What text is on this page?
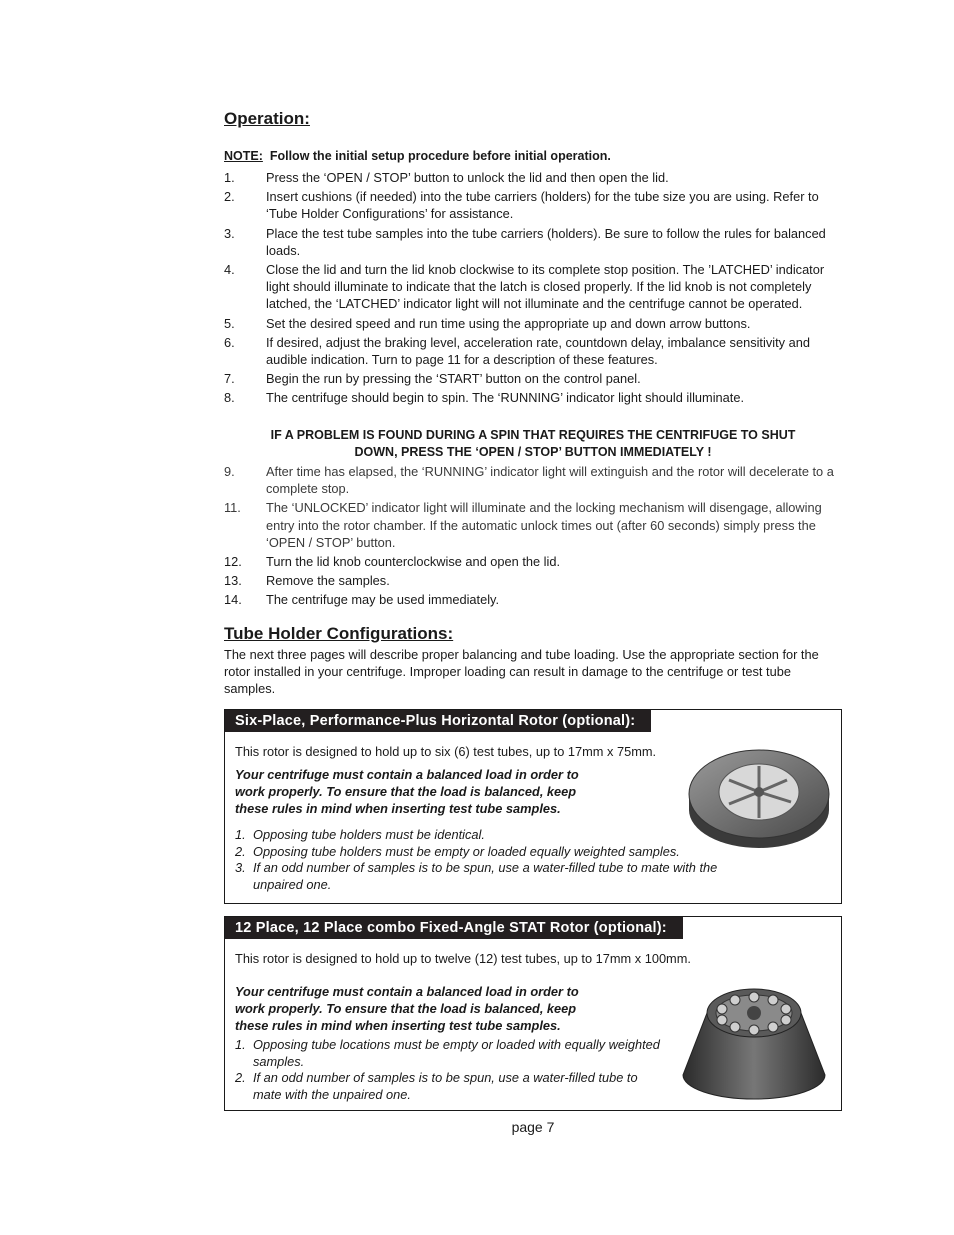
Operation:
NOTE: Follow the initial setup procedure before initial operation.
1. Press the ‘OPEN / STOP’ button to unlock the lid and then open the lid.
2. Insert cushions (if needed) into the tube carriers (holders) for the tube size you are using. Refer to ‘Tube Holder Configurations’ for assistance.
3. Place the test tube samples into the tube carriers (holders). Be sure to follow the rules for balanced loads.
4. Close the lid and turn the lid knob clockwise to its complete stop position. The ’LATCHED’ indicator light should illuminate to indicate that the latch is closed properly. If the lid knob is not completely latched, the ‘LATCHED’ indicator light will not illuminate and the centrifuge cannot be operated.
5. Set the desired speed and run time using the appropriate up and down arrow buttons.
6. If desired, adjust the braking level, acceleration rate, countdown delay, imbalance sensitivity and audible indication. Turn to page 11 for a description of these features.
7. Begin the run by pressing the ‘START’ button on the control panel.
8. The centrifuge should begin to spin. The ‘RUNNING’ indicator light should illuminate.
IF A PROBLEM IS FOUND DURING A SPIN THAT REQUIRES THE CENTRIFUGE TO SHUT
DOWN, PRESS THE ‘OPEN / STOP’ BUTTON IMMEDIATELY !
9. After time has elapsed, the ‘RUNNING’ indicator light will extinguish and the rotor will decelerate to a complete stop.
11. The ‘UNLOCKED’ indicator light will illuminate and the locking mechanism will disengage, allowing entry into the rotor chamber. If the automatic unlock times out (after 60 seconds) simply press the ‘OPEN / STOP’ button.
12. Turn the lid knob counterclockwise and open the lid.
13. Remove the samples.
14. The centrifuge may be used immediately.
Tube Holder Configurations:
The next three pages will describe proper balancing and tube loading. Use the appropriate section for the rotor installed in your centrifuge. Improper loading can result in damage to the centrifuge or test tube samples.
Six-Place, Performance-Plus Horizontal Rotor (optional):
This rotor is designed to hold up to six (6) test tubes, up to 17mm x 75mm.
Your centrifuge must contain a balanced load in order to
work properly. To ensure that the load is balanced, keep
these rules in mind when inserting test tube samples.
1. Opposing tube holders must be identical.
2. Opposing tube holders must be empty or loaded equally weighted samples.
3. If an odd number of samples is to be spun, use a water-filled tube to mate with the unpaired one.
12 Place, 12 Place combo Fixed-Angle STAT Rotor (optional):
This rotor is designed to hold up to twelve (12) test tubes, up to 17mm x 100mm.
Your centrifuge must contain a balanced load in order to
work properly. To ensure that the load is balanced, keep
these rules in mind when inserting test tube samples.
1. Opposing tube locations must be empty or loaded with equally weighted samples.
2. If an odd number of samples is to be spun, use a water-filled tube to mate with the unpaired one.
page 7
